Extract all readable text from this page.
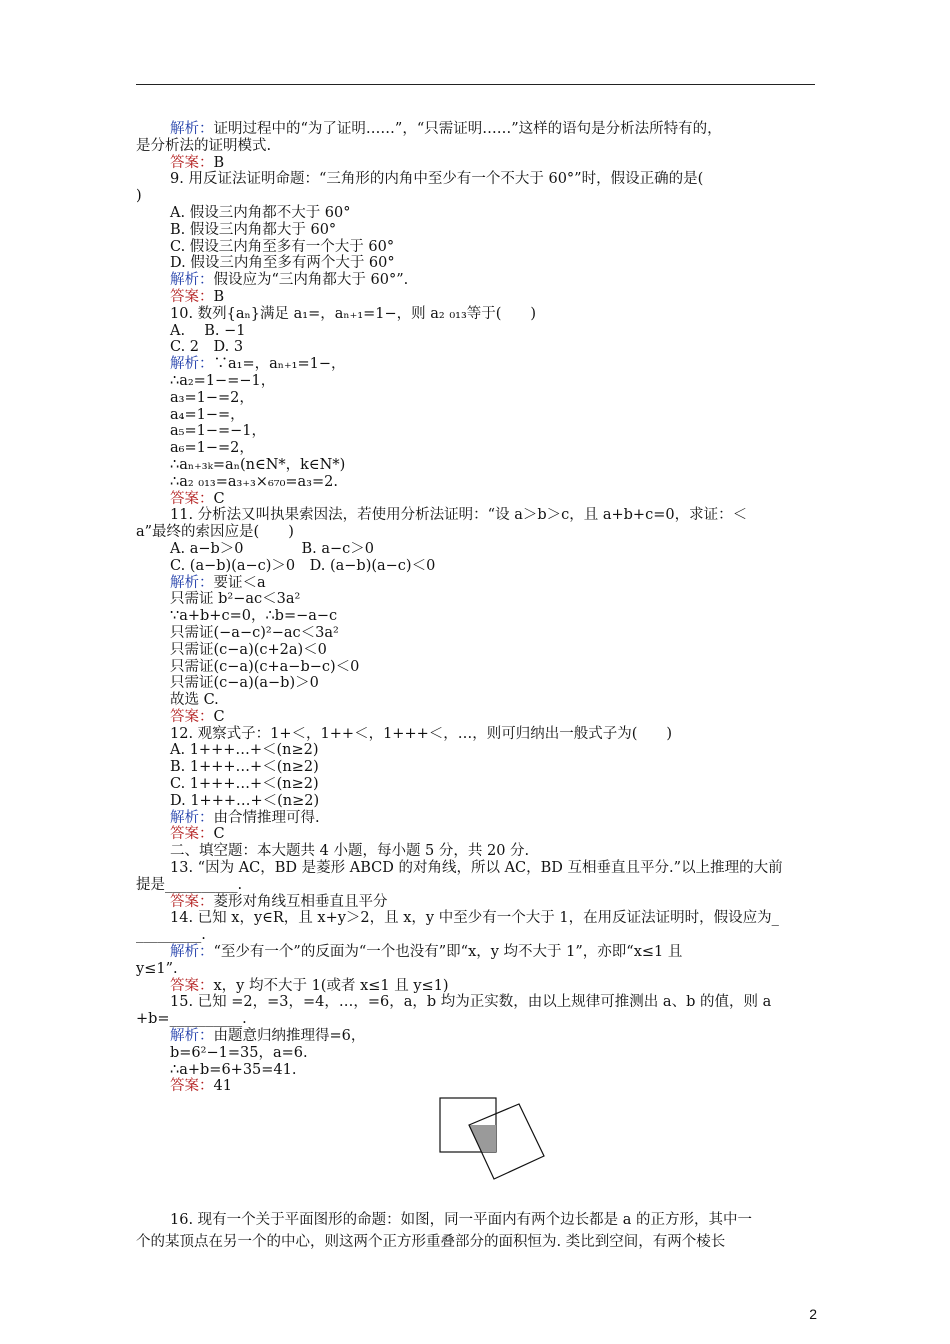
解析：证明过程中的“为了证明……”，“只需证明……”这样的语句是分析法所特有的，
是分析法的证明模式.
答案：B
9. 用反证法证明命题：“三角形的内角中至少有一个不大于 60°”时，假设正确的是(
)
A. 假设三内角都不大于 60°
B. 假设三内角都大于 60°
C. 假设三内角至多有一个大于 60°
D. 假设三内角至多有两个大于 60°
解析：假设应为“三内角都大于 60°”.
答案：B
10. 数列{aₙ}满足 a₁=，aₙ₊₁=1−，则 a₂ ₀₁₃等于(　　)
A.　 B. −1
C. 2　D. 3
解析：∵a₁=，aₙ₊₁=1−，
∴a₂=1−=−1，
a₃=1−=2，
a₄=1−=，
a₅=1−=−1，
a₆=1−=2，
∴aₙ₊₃ₖ=aₙ(n∈N*，k∈N*)
∴a₂ ₀₁₃=a₃₊₃×₆₇₀=a₃=2.
答案：C
11. 分析法又叫执果索因法，若使用分析法证明：“设 a＞b＞c，且 a+b+c=0，求证：＜
a”最终的索因应是(　　)
A. a−b＞0　　　　B. a−c＞0
C. (a−b)(a−c)＞0　D. (a−b)(a−c)＜0
解析：要证＜a
只需证 b²−ac＜3a²
∵a+b+c=0，∴b=−a−c
只需证(−a−c)²−ac＜3a²
只需证(c−a)(c+2a)＜0
只需证(c−a)(c+a−b−c)＜0
只需证(c−a)(a−b)＞0
故选 C.
答案：C
12. 观察式子：1+＜，1++＜，1+++＜，…，则可归纳出一般式子为(　　)
A. 1+++…+＜(n≥2)
B. 1+++…+＜(n≥2)
C. 1+++…+＜(n≥2)
D. 1+++…+＜(n≥2)
解析：由合情推理可得.
答案：C
二、填空题：本大题共 4 小题，每小题 5 分，共 20 分.
13. “因为 AC，BD 是菱形 ABCD 的对角线，所以 AC，BD 互相垂直且平分.”以上推理的大前
提是__________.
答案：菱形对角线互相垂直且平分
14. 已知 x，y∈R，且 x+y＞2，且 x，y 中至少有一个大于 1，在用反证法证明时，假设应为_
_________.
解析：“至少有一个”的反面为“一个也没有”即“x，y 均不大于 1”，亦即“x≤1 且
y≤1”.
答案：x，y 均不大于 1(或者 x≤1 且 y≤1)
15. 已知 =2，=3，=4，…，=6，a，b 均为正实数，由以上规律可推测出 a、b 的值，则 a
+b=__________.
解析：由题意归纳推理得=6，
b=6²−1=35，a=6.
∴a+b=6+35=41.
答案：41
16. 现有一个关于平面图形的命题：如图，同一平面内有两个边长都是 a 的正方形，其中一
个的某顶点在另一个的中心，则这两个正方形重叠部分的面积恒为. 类比到空间，有两个棱长
2
